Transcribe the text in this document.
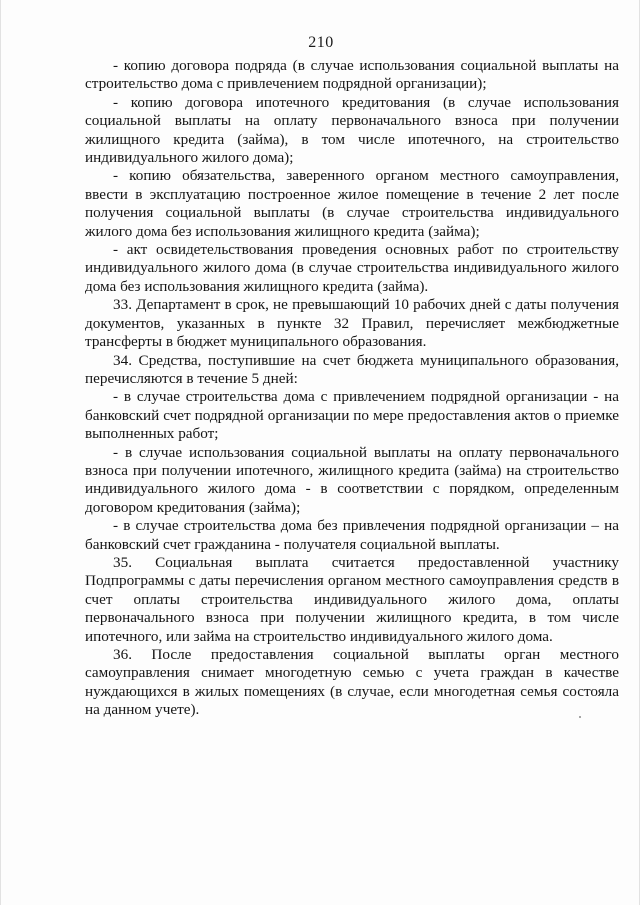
210

- копию договора подряда (в случае использования социальной выплаты на строительство дома с привлечением подрядной организации);

- копию договора ипотечного кредитования (в случае использования социальной выплаты на оплату первоначального взноса при получении жилищного кредита (займа), в том числе ипотечного, на строительство индивидуального жилого дома);

- копию обязательства, заверенного органом местного самоуправления, ввести в эксплуатацию построенное жилое помещение в течение 2 лет после получения социальной выплаты (в случае строительства индивидуального жилого дома без использования жилищного кредита (займа);

- акт освидетельствования проведения основных работ по строительству индивидуального жилого дома (в случае строительства индивидуального жилого дома без использования жилищного кредита (займа).

33. Департамент в срок, не превышающий 10 рабочих дней с даты получения документов, указанных в пункте 32 Правил, перечисляет межбюджетные трансферты в бюджет муниципального образования.

34. Средства, поступившие на счет бюджета муниципального образования, перечисляются в течение 5 дней:

- в случае строительства дома с привлечением подрядной организации - на банковский счет подрядной организации по мере предоставления актов о приемке выполненных работ;

- в случае использования социальной выплаты на оплату первоначального взноса при получении ипотечного, жилищного кредита (займа) на строительство индивидуального жилого дома - в соответствии с порядком, определенным договором кредитования (займа);

- в случае строительства дома без привлечения подрядной организации – на банковский счет гражданина - получателя социальной выплаты.

35. Социальная выплата считается предоставленной участнику Подпрограммы с даты перечисления органом местного самоуправления средств в счет оплаты строительства индивидуального жилого дома, оплаты первоначального взноса при получении жилищного кредита, в том числе ипотечного, или займа на строительство индивидуального жилого дома.

36. После предоставления социальной выплаты орган местного самоуправления снимает многодетную семью с учета граждан в качестве нуждающихся в жилых помещениях (в случае, если многодетная семья состояла на данном учете).
